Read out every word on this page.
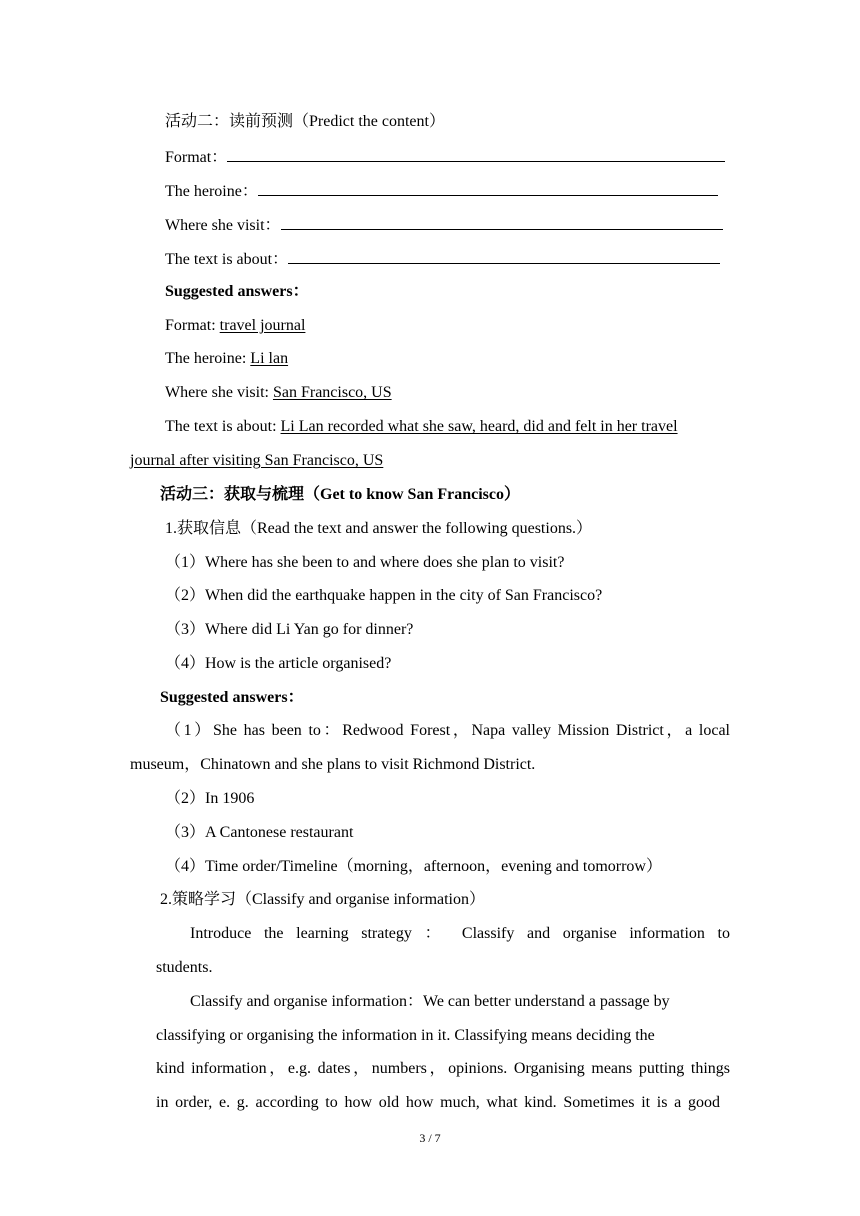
活动二：读前预测（Predict the content）
Format：
The heroine：
Where she visit：
The text is about：
Suggested answers：
Format: travel journal
The heroine: Li lan
Where she visit: San Francisco, US
The text is about: Li Lan recorded what she saw, heard, did and felt in her travel
journal after visiting San Francisco, US
活动三：获取与梳理（Get to know San Francisco）
1.获取信息（Read the text and answer the following questions.）
（1）Where has she been to and where does she plan to visit?
（2）When did the earthquake happen in the city of San Francisco?
（3）Where did Li Yan go for dinner?
（4）How is the article organised?
Suggested answers：
（1）She has been to：Redwood Forest，Napa valley Mission District，a local
museum，Chinatown and she plans to visit Richmond District.
（2）In 1906
（3）A Cantonese restaurant
（4）Time order/Timeline（morning，afternoon，evening and tomorrow）
2.策略学习（Classify and organise information）
Introduce the learning strategy ： Classify and organise information to
students.
Classify and organise information：We can better understand a passage by
classifying or organising the information in it. Classifying means deciding the
kind information，e.g. dates，numbers，opinions. Organising means putting things
in order, e. g. according to how old how much, what kind. Sometimes it is a good
3 / 7
